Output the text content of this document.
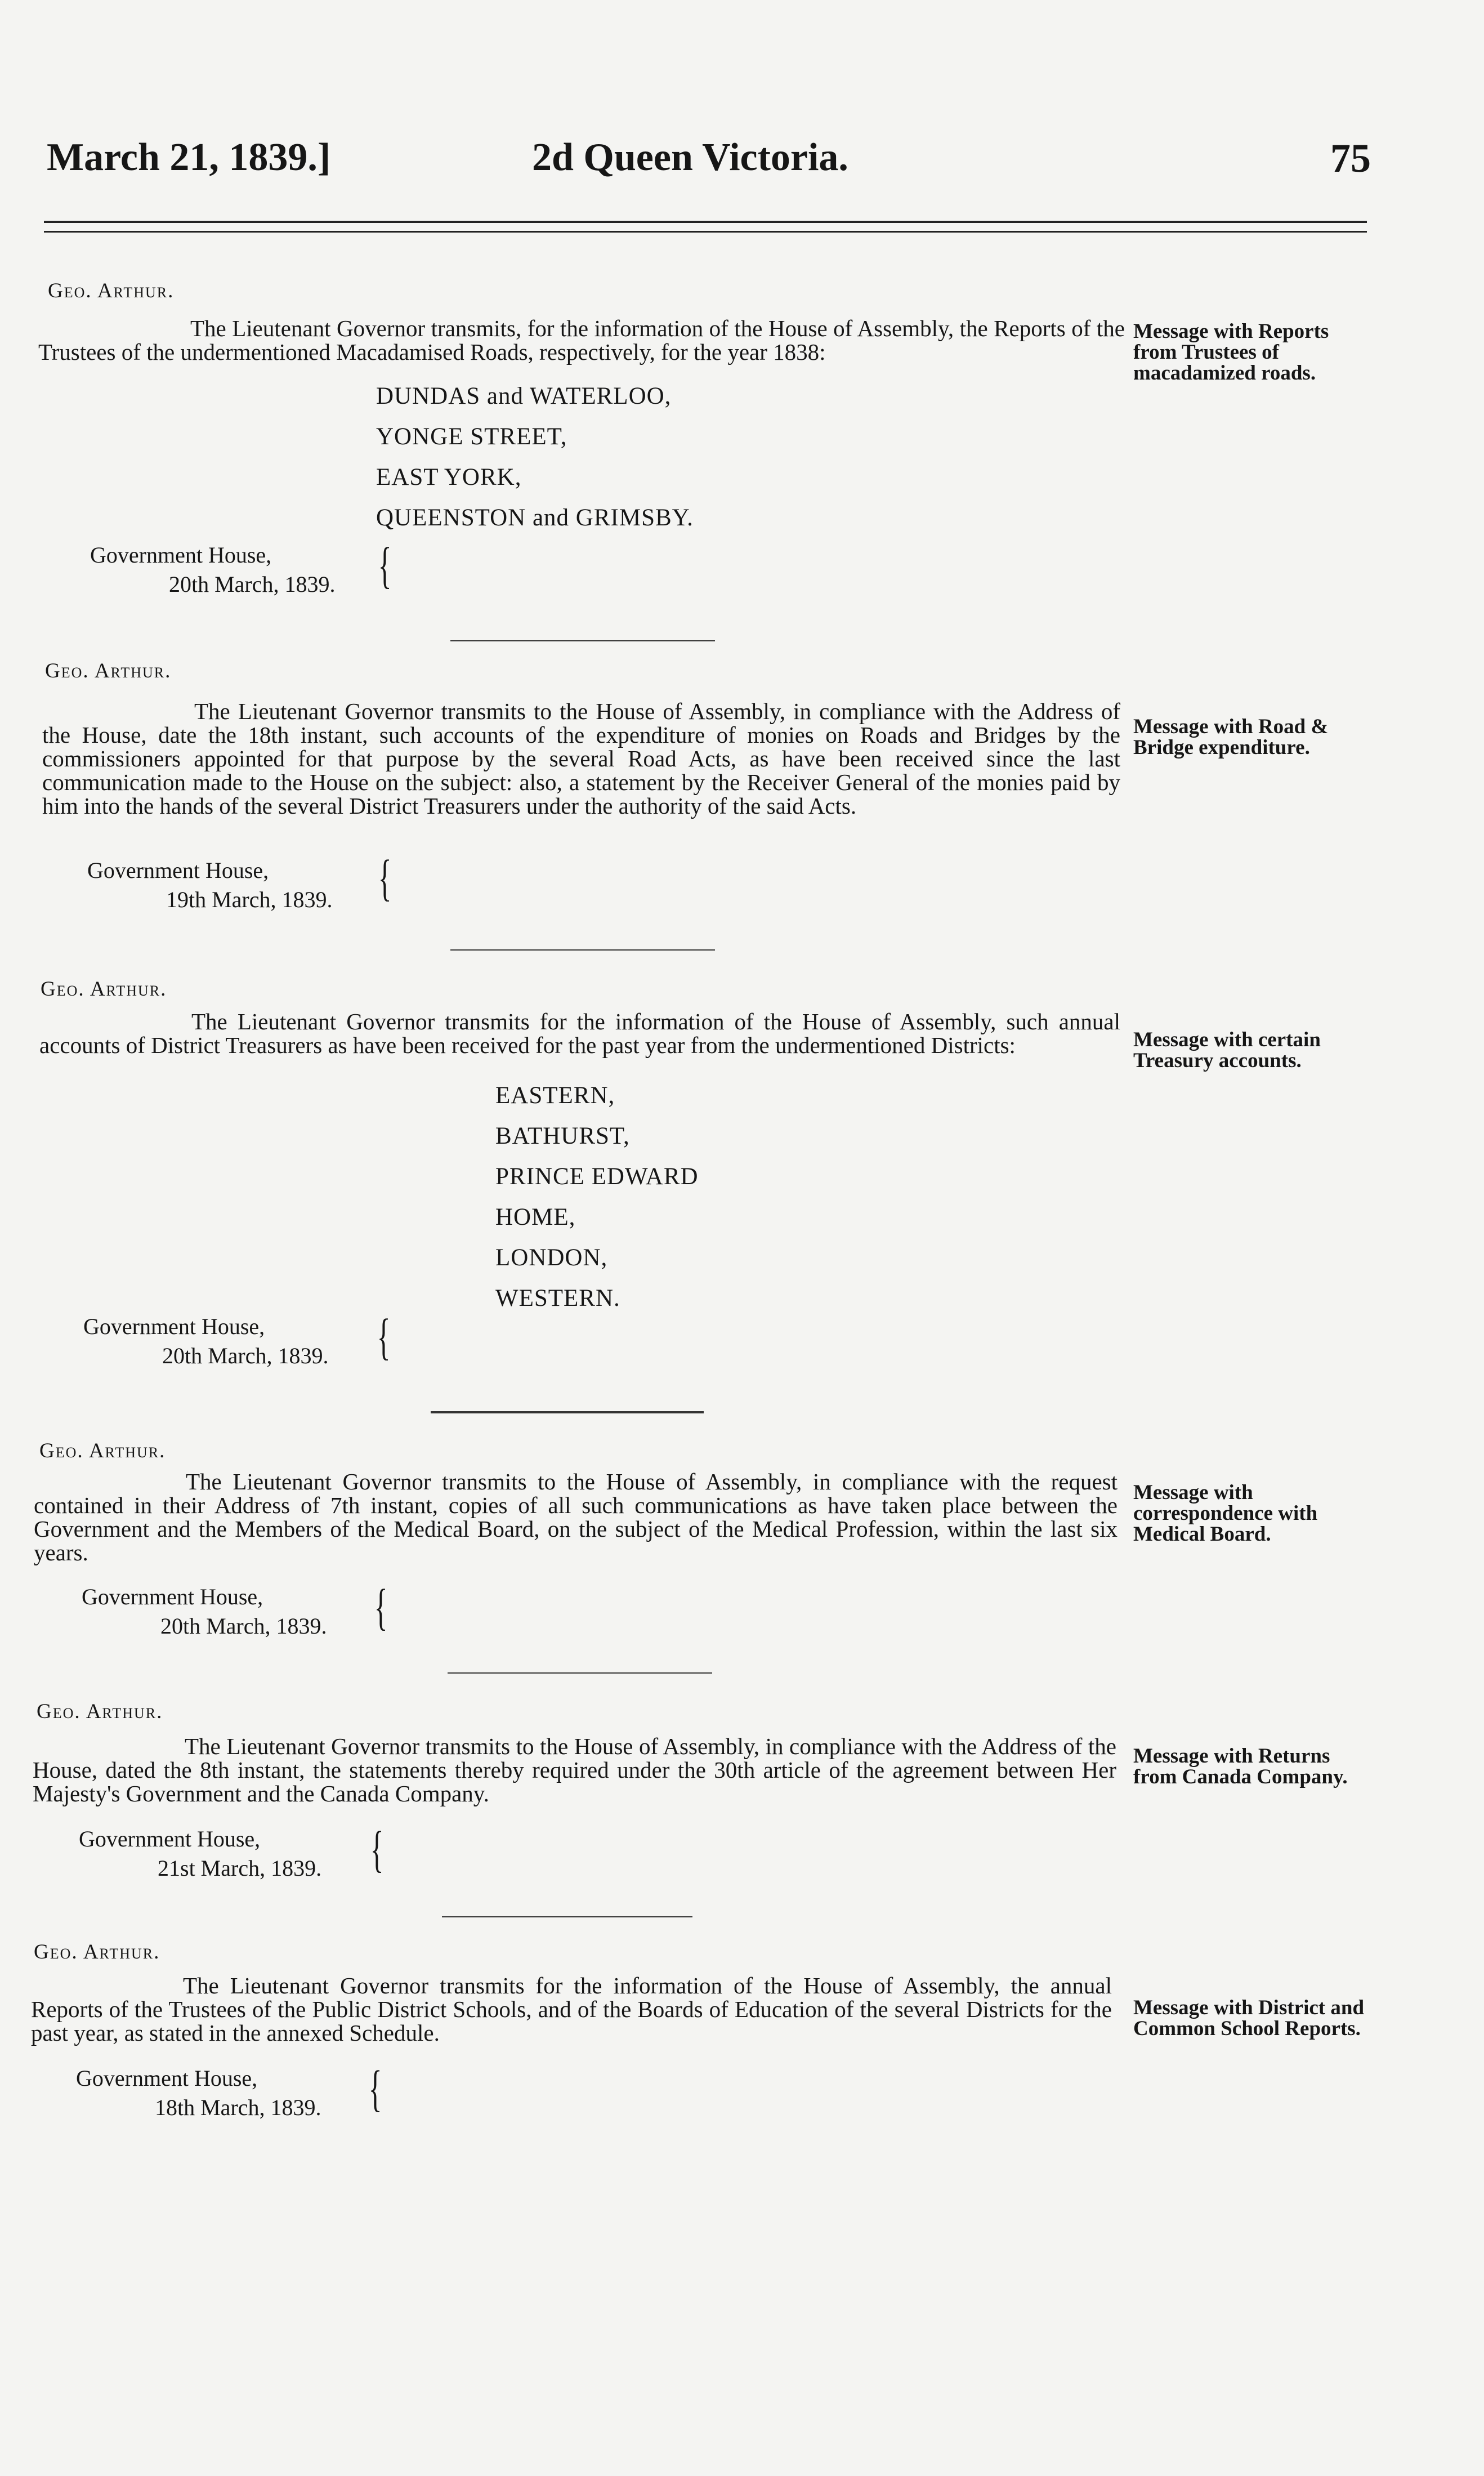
March 21, 1839.]	2d Queen Victoria.	75
Geo. Arthur.
The Lieutenant Governor transmits, for the information of the House of Assembly, the Reports of the Trustees of the undermentioned Macadamised Roads, respectively, for the year 1838:
DUNDAS and WATERLOO,
YONGE STREET,
EAST YORK,
QUEENSTON and GRIMSBY.
Government House,
20th March, 1839. {
Message with Reports from Trustees of macadamized roads.
Geo. Arthur.
The Lieutenant Governor transmits to the House of Assembly, in compliance with the Address of the House, date the 18th instant, such accounts of the expenditure of monies on Roads and Bridges by the commissioners appointed for that purpose by the several Road Acts, as have been received since the last communication made to the House on the subject: also, a statement by the Receiver General of the monies paid by him into the hands of the several District Treasurers under the authority of the said Acts.
Government House,
19th March, 1839. {
Message with Road & Bridge expenditure.
Geo. Arthur.
The Lieutenant Governor transmits for the information of the House of Assembly, such annual accounts of District Treasurers as have been received for the past year from the undermentioned Districts:
EASTERN,
BATHURST,
PRINCE EDWARD
HOME,
LONDON,
WESTERN.
Government House,
20th March, 1839. {
Message with certain Treasury accounts.
Geo. Arthur.
The Lieutenant Governor transmits to the House of Assembly, in compliance with the request contained in their Address of 7th instant, copies of all such communications as have taken place between the Government and the Members of the Medical Board, on the subject of the Medical Profession, within the last six years.
Government House,
20th March, 1839. {
Message with correspondence with Medical Board.
Geo. Arthur.
The Lieutenant Governor transmits to the House of Assembly, in compliance with the Address of the House, dated the 8th instant, the statements thereby required under the 30th article of the agreement between Her Majesty's Government and the Canada Company.
Government House,
21st March, 1839. {
Message with Returns from Canada Company.
Geo. Arthur.
The Lieutenant Governor transmits for the information of the House of Assembly, the annual Reports of the Trustees of the Public District Schools, and of the Boards of Education of the several Districts for the past year, as stated in the annexed Schedule.
Government House,
18th March, 1839. {
Message with District and Common School Reports.
